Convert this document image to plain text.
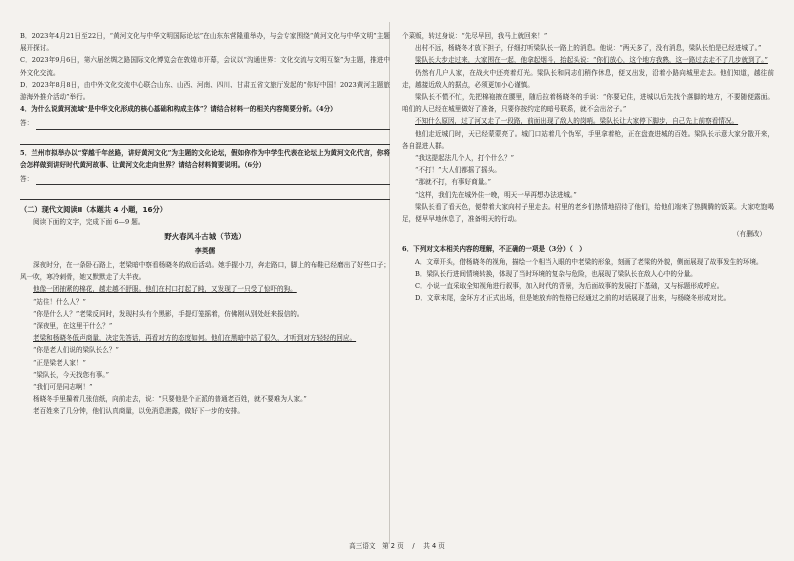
B．2023年4月21日至22日，“黄河文化与中华文明国际论坛”在山东东营隆重举办，与会专家围绕“黄河文化与中华文明”主题展开探讨。

C．2023年9月6日，第六届丝绸之路国际文化博览会在敦煌市开幕，会议以“沟通世界：文化交流与文明互鉴”为主题，推进中外文化交流。

D．2023年8月8日，由中外文化交流中心联合山东、山西、河南、四川、甘肃五省文旅厅发起的“你好中国！2023黄河主题旅游海外推介活动”举行。

4．为什么说黄河流域“是中华文化形成的核心基础和构成主体”？请结合材料一的相关内容简要分析。（4分）

答：

5．兰州市拟举办以“穿越千年丝路，讲好黄河文化”为主题的文化论坛，假如你作为中学生代表在论坛上为黄河文化代言，你将会怎样做到讲好时代黄河故事、让黄河文化走向世界？请结合材料简要说明。（6分）

答：
（二）现代文阅读Ⅱ（本题共 4 小题，16分）

阅读下面的文字，完成下面 6—9 题。

野火春风斗古城（节选）
李英儒

深夜时分，在一条卧石路上，老梁暗中察看杨晓冬的敌后活动。她手握小刀，奔走路口，脚上的布鞋已经磨出了好些口子；风一吹，寒冷刺骨，她又默默走了大半夜。

他像一团抽紧的棉花，越走越不舒服。他们在村口打起了盹，又发现了一只受了惊吓的狗。

“站住！什么人？”

“你是什么人？”老梁反问时，发现村头有个黑影，手提灯笼摇着，仿佛刚从别处赶来报信的。

“深夜里，在这里干什么？”

老梁和杨晓冬低声商量，决定先答话，再看对方的态度如何。他们在黑暗中站了很久，才听到对方轻轻的回应。

“你是老人们说的梁队长么？”

“正是梁老人家！”

“梁队长，今天找您有事。”

“我们可是同志啊！”

杨晓冬手里攥着几张信纸，向前走去，说：“只要他是个正派的普通老百姓，就不要难为人家。”

老百姓来了几分钟，他们认真商量，以免消息泄露，做好下一步的安排。

个菜贩，转过身说：“先尽早回，我马上就回来！”

出村不远，杨晓冬才放下担子，仔细打听梁队长一路上的消息。他说：“两天多了，没有消息，梁队长怕是已经进城了。”

梁队长大步走过来，大家围在一起，他拿起烟斗，抬起头说：“你们放心，这个地方我熟，这一路过去走不了几步就到了。”

仍然有几户人家，在战火中还亮着灯光。梁队长和同志们稍作休息，便又出发，沿着小路向城里走去。他们知道，越往前走，越接近敌人的据点，必须更加小心谨慎。

梁队长不慌不忙，先把棉袍掖在腰里，随后拉着杨晓冬的手说：“你要记住，进城以后先找个落脚的地方，不要随便露面。咱们的人已经在城里做好了准备，只要你按约定的暗号联系，就不会出岔子。”

不知什么原因，过了河又走了一段路，前面出现了敌人的岗哨。梁队长让大家停下脚步，自己先上前察看情况。

他们走近城门时，天已经蒙蒙亮了。城门口站着几个伪军，手里拿着枪，正在盘查进城的百姓。梁队长示意大家分散开来，各自混进人群。

“我这提起法几个人，打个什么？”

“不打！”大人们都摇了摇头。

“那就不打，有事好商量。”

“这样，我们先在城外住一晚，明天一早再想办法进城。”

梁队长看了看天色，便带着大家向村子里走去。村里的老乡们热情地招待了他们，给他们端来了热腾腾的饭菜。大家吃饱喝足，便早早地休息了，准备明天的行动。

（有删改）

6．下列对文本相关内容的理解，不正确的一项是（3分）（　）

A．文章开头，借杨晓冬的视角，描绘一个相当入眼的中老梁的形象，刻画了老梁的外貌，侧面展现了故事发生的环境。

B．梁队长行进间情境转换，体现了当时环境的复杂与危险，也展现了梁队长在敌人心中的分量。

C．小说一直采取全知视角进行叙事，加入时代的背景，为后面故事的发展打下基础，又与标题形成呼应。

D．文章末尾，金环方才正式出场，但是她放弃的性格已经通过之前的对话展现了出来，与杨晓冬形成对比。

高三语文　第 2 页　 /　 共 4 页
